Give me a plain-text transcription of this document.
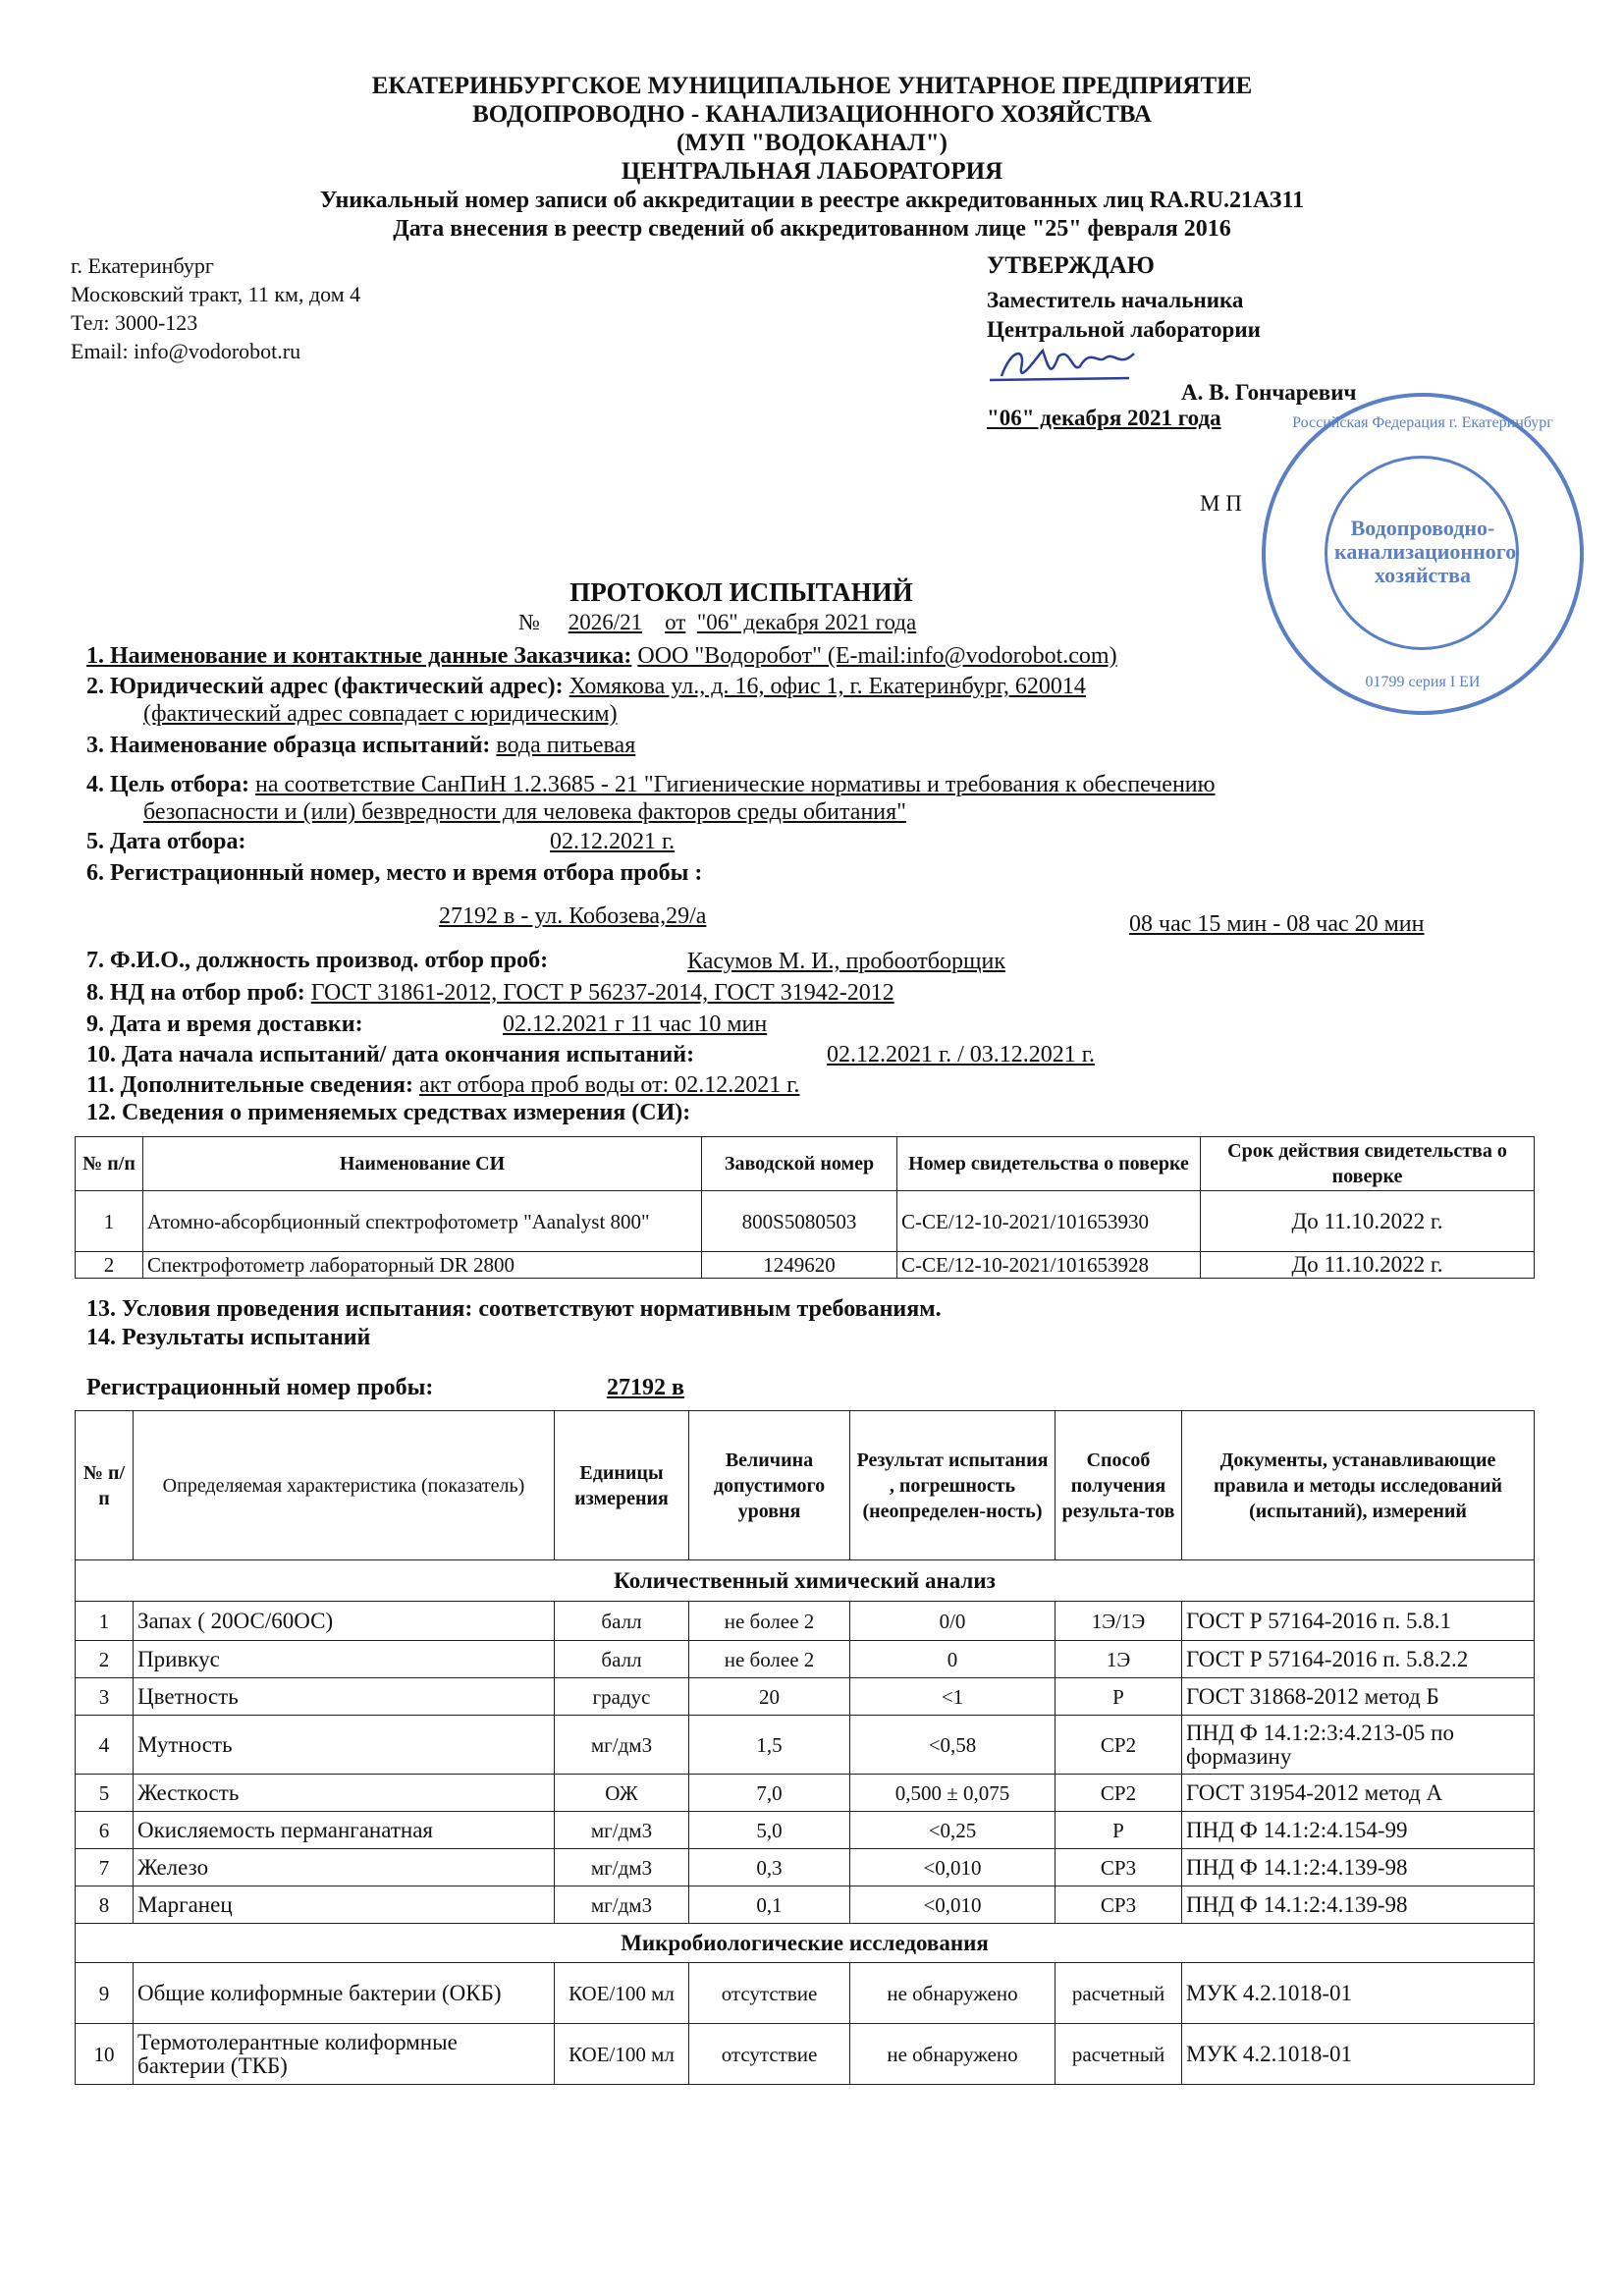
ЕКАТЕРИНБУРГСКОЕ МУНИЦИПАЛЬНОЕ УНИТАРНОЕ ПРЕДПРИЯТИЕ
ВОДОПРОВОДНО - КАНАЛИЗАЦИОННОГО ХОЗЯЙСТВА
(МУП "ВОДОКАНАЛ")
ЦЕНТРАЛЬНАЯ ЛАБОРАТОРИЯ
Уникальный номер записи об аккредитации в реестре аккредитованных лиц RA.RU.21АЗ11
Дата внесения в реестр сведений об аккредитованном лице "25" февраля 2016
г. Екатеринбург
Московский тракт, 11 км, дом 4
Тел: 3000-123
Email: info@vodorobot.ru
УТВЕРЖДАЮ
Заместитель начальника
Центральной лаборатории
А. В. Гончаревич
"06" декабря 2021 года
М П
Российская Федерация г. Екатеринбург
Водопроводно-канализационного хозяйства
01799 серия I ЕИ
ПРОТОКОЛ ИСПЫТАНИЙ
№ 2026/21 от "06" декабря 2021 года
1. Наименование и контактные данные Заказчика: ООО "Водоробот" (E-mail:info@vodorobot.com)
2. Юридический адрес (фактический адрес): Хомякова ул., д. 16, офис 1, г. Екатеринбург, 620014
(фактический адрес совпадает с юридическим)
3. Наименование образца испытаний: вода питьевая
4. Цель отбора: на соответствие СанПиН 1.2.3685 - 21 "Гигиенические нормативы и требования к обеспечению
безопасности и (или) безвредности для человека факторов среды обитания"
5. Дата отбора:	02.12.2021 г.
6. Регистрационный номер, место и время отбора пробы :
27192 в - ул. Кобозева,29/а	08 час 15 мин - 08 час 20 мин
7. Ф.И.О., должность производ. отбор проб:	Касумов М. И., пробоотборщик
8. НД на отбор проб: ГОСТ 31861-2012, ГОСТ Р 56237-2014, ГОСТ 31942-2012
9. Дата и время доставки:	02.12.2021 г 11 час 10 мин
10. Дата начала испытаний/ дата окончания испытаний:	02.12.2021 г. / 03.12.2021 г.
11. Дополнительные сведения: акт отбора проб воды от: 02.12.2021 г.
12. Сведения о применяемых средствах измерения (СИ):
№ п/п	Наименование СИ	Заводской номер	Номер свидетельства о поверке	Срок действия свидетельства о поверке
1	Атомно-абсорбционный спектрофотометр "Aanalyst 800"	800S5080503	С-СЕ/12-10-2021/101653930	До 11.10.2022 г.
2	Спектрофотометр лабораторный DR 2800	1249620	С-СЕ/12-10-2021/101653928	До 11.10.2022 г.
13. Условия проведения испытания: соответствуют нормативным требованиям.
14. Результаты испытаний
Регистрационный номер пробы:	27192 в
№ п/п	Определяемая характеристика (показатель)	Единицы измерения	Величина допустимого уровня	Результат испытания , погрешность (неопределен-ность)	Способ получения результа-тов	Документы, устанавливающие правила и методы исследований (испытаний), измерений
Количественный химический анализ						
1	Запах ( 20ОС/60ОС)	балл	не более 2	0/0	1Э/1Э	ГОСТ Р 57164-2016 п. 5.8.1
2	Привкус	балл	не более 2	0	1Э	ГОСТ Р 57164-2016 п. 5.8.2.2
3	Цветность	градус	20	<1	Р	ГОСТ 31868-2012 метод Б
4	Мутность	мг/дм3	1,5	<0,58	СР2	ПНД Ф 14.1:2:3:4.213-05 по формазину
5	Жесткость	ОЖ	7,0	0,500 ± 0,075	СР2	ГОСТ 31954-2012 метод А
6	Окисляемость перманганатная	мг/дм3	5,0	<0,25	Р	ПНД Ф 14.1:2:4.154-99
7	Железо	мг/дм3	0,3	<0,010	СР3	ПНД Ф 14.1:2:4.139-98
8	Марганец	мг/дм3	0,1	<0,010	СР3	ПНД Ф 14.1:2:4.139-98
Микробиологические исследования						
9	Общие колиформные бактерии (ОКБ)	КОЕ/100 мл	отсутствие	не обнаружено	расчетный	МУК 4.2.1018-01
10	Термотолерантные колиформные бактерии (ТКБ)	КОЕ/100 мл	отсутствие	не обнаружено	расчетный	МУК 4.2.1018-01
